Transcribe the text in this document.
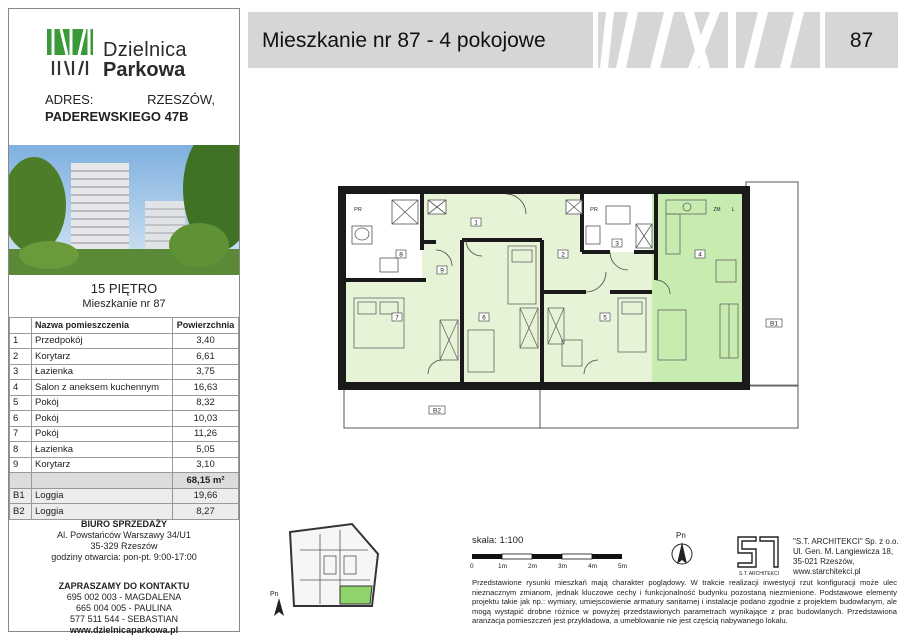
Dzielnica
Parkowa
ADRES:	RZESZÓW,
PADEREWSKIEGO 47B
15 PIĘTRO
Mieszkanie nr 87
	Nazwa pomieszczenia	Powierzchnia
1	Przedpokój	3,40
2	Korytarz	6,61
3	Łazienka	3,75
4	Salon z aneksem kuchennym	16,63
5	Pokój	8,32
6	Pokój	10,03
7	Pokój	11,26
8	Łazienka	5,05
9	Korytarz	3,10
		68,15 m²
B1	Loggia	19,66
B2	Loggia	8,27
BIURO SPRZEDAŻY
Al. Powstańców Warszawy 34/U1
35-329 Rzeszów
godziny otwarcia: pon-pt. 9:00-17:00
ZAPRASZAMY DO KONTAKTU
695 002 003 - MAGDALENA
665 004 005 - PAULINA
577 511 544 - SEBASTIAN
www.dzielnicaparkowa.pl
Mieszkanie nr 87 - 4 pokojowe	87
1
2
3
4
5
6
7
8
9
B1
B2
PR	PR	ZM L
Pn
skala: 1:100
0	1m	2m	3m	4m	5m
Pn
S.T. ARCHITEKCI
"S.T. ARCHITEKCI" Sp. z o.o.
Ul. Gen. M. Langiewicza 18,
35-021 Rzeszów,
www.starchitekci.pl
Przedstawione rysunki mieszkań mają charakter poglądowy. W trakcie realizacji inwestycji rzut konfiguracji może ulec nieznacznym zmianom, jednak kluczowe cechy i funkcjonalność budynku pozostaną niezmienione. Podstawowe elementy projektu takie jak np.: wymiary, umiejscowienie armatury sanitarnej i instalacje podano zgodnie z projektem budowlanym, ale mogą wystąpić drobne różnice w powyżej przedstawionych parametrach wynikające z prac budowlanych. Przedstawiona aranżacja pomieszczeń jest przykładowa, a umeblowanie nie jest częścią nabywanego lokalu.
